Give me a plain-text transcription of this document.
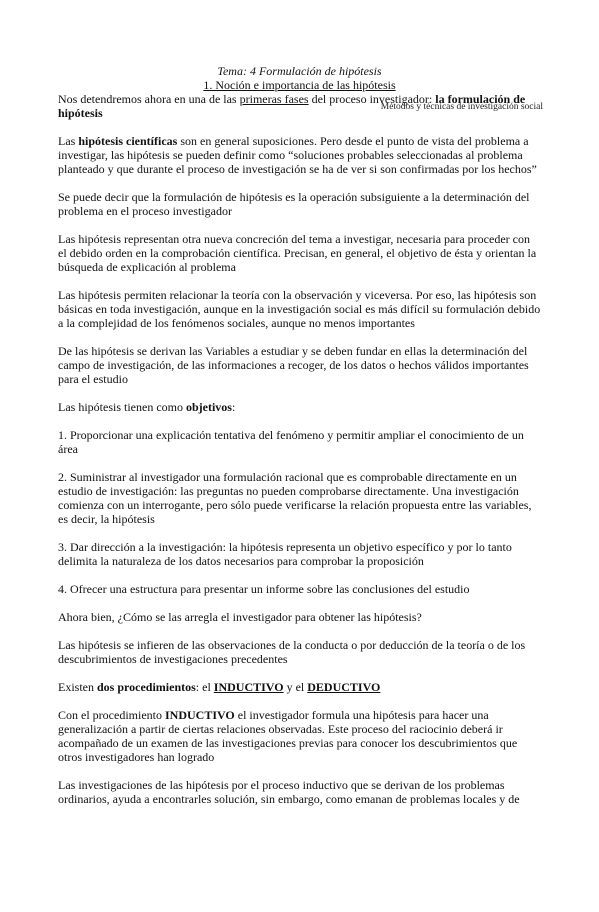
Métodos y técnicas de investigación social
Tema: 4 Formulación de hipótesis
1. Noción e importancia de las hipótesis

Nos detendremos ahora en una de las primeras fases del proceso investigador: la formulación de hipótesis

Las hipótesis científicas son en general suposiciones. Pero desde el punto de vista del problema a investigar, las hipótesis se pueden definir como “soluciones probables seleccionadas al problema planteado y que durante el proceso de investigación se ha de ver si son confirmadas por los hechos”

Se puede decir que la formulación de hipótesis es la operación subsiguiente a la determinación del problema en el proceso investigador

Las hipótesis representan otra nueva concreción del tema a investigar, necesaria para proceder con el debido orden en la comprobación científica. Precisan, en general, el objetivo de ésta y orientan la búsqueda de explicación al problema

Las hipótesis permiten relacionar la teoría con la observación y viceversa. Por eso, las hipótesis son básicas en toda investigación, aunque en la investigación social es más difícil su formulación debido a la complejidad de los fenómenos sociales, aunque no menos importantes

De las hipótesis se derivan las Variables a estudiar y se deben fundar en ellas la determinación del campo de investigación, de las informaciones a recoger, de los datos o hechos válidos importantes para el estudio

Las hipótesis tienen como objetivos:

1. Proporcionar una explicación tentativa del fenómeno y permitir ampliar el conocimiento de un área

2. Suministrar al investigador una formulación racional que es comprobable directamente en un estudio de investigación: las preguntas no pueden comprobarse directamente. Una investigación comienza con un interrogante, pero sólo puede verificarse la relación propuesta entre las variables, es decir, la hipótesis

3. Dar dirección a la investigación: la hipótesis representa un objetivo específico y por lo tanto delimita la naturaleza de los datos necesarios para comprobar la proposición

4. Ofrecer una estructura para presentar un informe sobre las conclusiones del estudio

Ahora bien, ¿Cómo se las arregla el investigador para obtener las hipótesis?

Las hipótesis se infieren de las observaciones de la conducta o por deducción de la teoría o de los descubrimientos de investigaciones precedentes

Existen dos procedimientos: el INDUCTIVO y el DEDUCTIVO

Con el procedimiento INDUCTIVO el investigador formula una hipótesis para hacer una generalización a partir de ciertas relaciones observadas. Este proceso del raciocinio deberá ir acompañado de un examen de las investigaciones previas para conocer los descubrimientos que otros investigadores han logrado

Las investigaciones de las hipótesis por el proceso inductivo que se derivan de los problemas ordinarios, ayuda a encontrarles solución, sin embargo, como emanan de problemas locales y de
